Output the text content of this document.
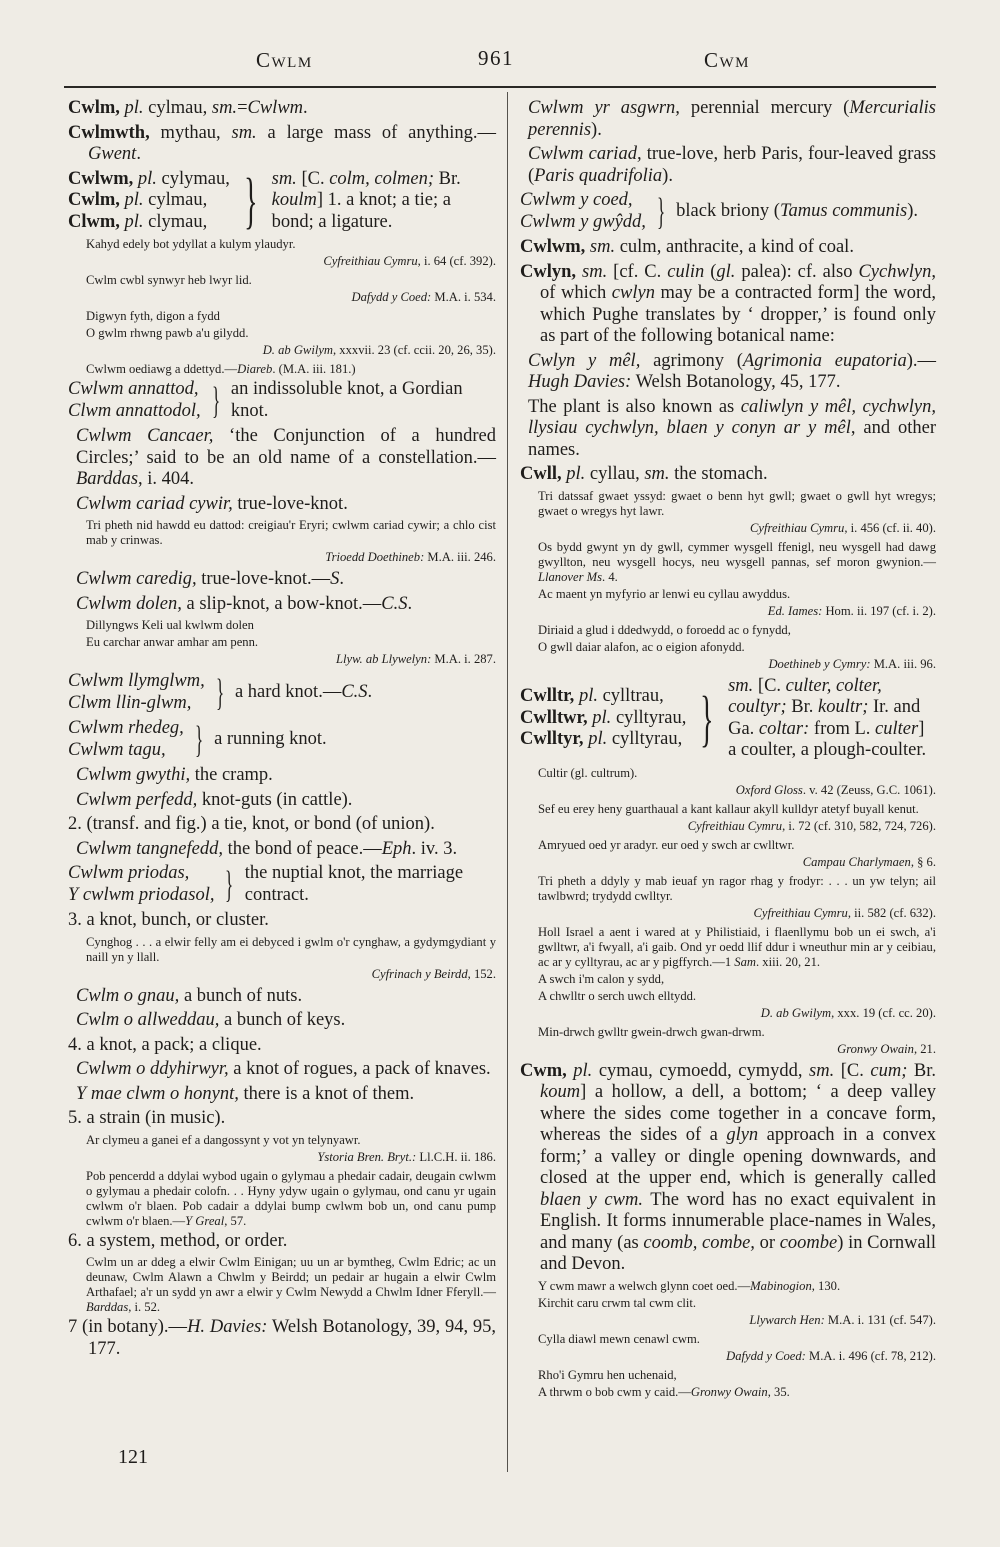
Cwlm	961	Cwm

Cwlm, pl. cylmau, sm.=Cwlwm.

Cwlmwth, mythau, sm. a large mass of anything.—Gwent.

Cwlwm, pl. cylymau,
Cwlm, pl. cylmau,
Clwm, pl. clymau, } sm. [C. colm, colmen; Br. koulm] 1. a knot; a tie; a bond; a ligature.

Kahyd edely bot ydyllat a kulym ylaudyr.

Cyfreithiau Cymru, i. 64 (cf. 392).

Cwlm cwbl synwyr heb lwyr lid.

Dafydd y Coed: M.A. i. 534.

Digwyn fyth, digon a fydd

O gwlm rhwng pawb a'u gilydd.

D. ab Gwilym, xxxvii. 23 (cf. ccii. 20, 26, 35).

Cwlwm oediawg a ddettyd.—Diareb. (M.A. iii. 181.)

Cwlwm annattod,
Clwm annattodol, } an indissoluble knot, a Gordian knot.

Cwlwm Cancaer, ‘the Conjunction of a hundred Circles;’ said to be an old name of a constellation.—Barddas, i. 404.

Cwlwm cariad cywir, true-love-knot.

Tri pheth nid hawdd eu dattod: creigiau'r Eryri; cwlwm cariad cywir; a chlo cist mab y crinwas.

Trioedd Doethineb: M.A. iii. 246.

Cwlwm caredig, true-love-knot.—S.

Cwlwm dolen, a slip-knot, a bow-knot.—C.S.

Dillyngws Keli ual kwlwm dolen

Eu carchar anwar amhar am penn.

Llyw. ab Llywelyn: M.A. i. 287.

Cwlwm llymglwm,
Clwm llin-glwm, } a hard knot.—C.S.
Cwlwm rhedeg,
Cwlwm tagu, } a running knot.

Cwlwm gwythi, the cramp.

Cwlwm perfedd, knot-guts (in cattle).

2. (transf. and fig.) a tie, knot, or bond (of union).

Cwlwm tangnefedd, the bond of peace.—Eph. iv. 3.

Cwlwm priodas,
Y cwlwm priodasol, } the nuptial knot, the marriage contract.

3. a knot, bunch, or cluster.

Cynghog . . . a elwir felly am ei debyced i gwlm o'r cynghaw, a gydymgydiant y naill yn y llall.

Cyfrinach y Beirdd, 152.

Cwlm o gnau, a bunch of nuts.

Cwlm o allweddau, a bunch of keys.

4. a knot, a pack; a clique.

Cwlwm o ddyhirwyr, a knot of rogues, a pack of knaves.

Y mae clwm o honynt, there is a knot of them.

5. a strain (in music).

Ar clymeu a ganei ef a dangossynt y vot yn telynyawr.

Ystoria Bren. Bryt.: Ll.C.H. ii. 186.

Pob pencerdd a ddylai wybod ugain o gylymau a phedair cadair, deugain cwlwm o gylymau a phedair colofn. . . Hyny ydyw ugain o gylymau, ond canu yr ugain cwlwm o'r blaen. Pob cadair a ddylai bump cwlwm bob un, ond canu pump cwlwm o'r blaen.—Y Greal, 57.

6. a system, method, or order.

Cwlm un ar ddeg a elwir Cwlm Einigan; uu un ar bymtheg, Cwlm Edric; ac un deunaw, Cwlm Alawn a Chwlm y Beirdd; un pedair ar hugain a elwir Cwlm Arthafael; a'r un sydd yn awr a elwir y Cwlm Newydd a Chwlm Idner Fferyll.—Barddas, i. 52.

7 (in botany).—H. Davies: Welsh Botanology, 39, 94, 95, 177.

Cwlwm yr asgwrn, perennial mercury (Mercurialis perennis).

Cwlwm cariad, true-love, herb Paris, four-leaved grass (Paris quadrifolia).

Cwlwm y coed,
Cwlwm y gwŷdd, } black briony (Tamus communis).

Cwlwm, sm. culm, anthracite, a kind of coal.

Cwlyn, sm. [cf. C. culin (gl. palea): cf. also Cychwlyn, of which cwlyn may be a contracted form] the word, which Pughe translates by ‘ dropper,’ is found only as part of the following botanical name:

Cwlyn y mêl, agrimony (Agrimonia eupatoria).—Hugh Davies: Welsh Botanology, 45, 177.

The plant is also known as caliwlyn y mêl, cychwlyn, llysiau cychwlyn, blaen y conyn ar y mêl, and other names.

Cwll, pl. cyllau, sm. the stomach.

Tri datssaf gwaet yssyd: gwaet o benn hyt gwll; gwaet o gwll hyt wregys; gwaet o wregys hyt lawr.

Cyfreithiau Cymru, i. 456 (cf. ii. 40).

Os bydd gwynt yn dy gwll, cymmer wysgell ffenigl, neu wysgell had dawg gwyllton, neu wysgell hocys, neu wysgell pannas, sef moron gwynion.—Llanover Ms. 4.

Ac maent yn myfyrio ar lenwi eu cyllau awyddus.

Ed. Iames: Hom. ii. 197 (cf. i. 2).

Diriaid a glud i ddedwydd, o foroedd ac o fynydd,

O gwll daiar alafon, ac o eigion afonydd.

Doethineb y Cymry: M.A. iii. 96.

Cwlltr, pl. cylltrau,
Cwlltwr, pl. cylltyrau,
Cwlltyr, pl. cylltyrau, } sm. [C. culter, colter, coultyr; Br. koultr; Ir. and Ga. coltar: from L. culter] a coulter, a plough-coulter.

Cultir (gl. cultrum).

Oxford Gloss. v. 42 (Zeuss, G.C. 1061).

Sef eu erey heny guarthaual a kant kallaur akyll kulldyr atetyf buyall kenut.

Cyfreithiau Cymru, i. 72 (cf. 310, 582, 724, 726).

Amryued oed yr aradyr. eur oed y swch ar cwlltwr.

Campau Charlymaen, § 6.

Tri pheth a ddyly y mab ieuaf yn ragor rhag y frodyr: . . . un yw telyn; ail tawlbwrd; trydydd cwlltyr.

Cyfreithiau Cymru, ii. 582 (cf. 632).

Holl Israel a aent i wared at y Philistiaid, i flaenllymu bob un ei swch, a'i gwlltwr, a'i fwyall, a'i gaib. Ond yr oedd llif ddur i wneuthur min ar y ceibiau, ac ar y cylltyrau, ac ar y pigffyrch.—1 Sam. xiii. 20, 21.

A swch i'm calon y sydd,

A chwlltr o serch uwch elltydd.

D. ab Gwilym, xxx. 19 (cf. cc. 20).

Min-drwch gwlltr gwein-drwch gwan-drwm.

Gronwy Owain, 21.

Cwm, pl. cymau, cymoedd, cymydd, sm. [C. cum; Br. koum] a hollow, a dell, a bottom; ‘ a deep valley where the sides come together in a concave form, whereas the sides of a glyn approach in a convex form;’ a valley or dingle opening downwards, and closed at the upper end, which is generally called blaen y cwm. The word has no exact equivalent in English. It forms innumerable place-names in Wales, and many (as coomb, combe, or coombe) in Cornwall and Devon.

Y cwm mawr a welwch glynn coet oed.—Mabinogion, 130.

Kirchit caru crwm tal cwm clit.

Llywarch Hen: M.A. i. 131 (cf. 547).

Cylla diawl mewn cenawl cwm.

Dafydd y Coed: M.A. i. 496 (cf. 78, 212).

Rho'i Gymru hen uchenaid,

A thrwm o bob cwm y caid.—Gronwy Owain, 35.

121
